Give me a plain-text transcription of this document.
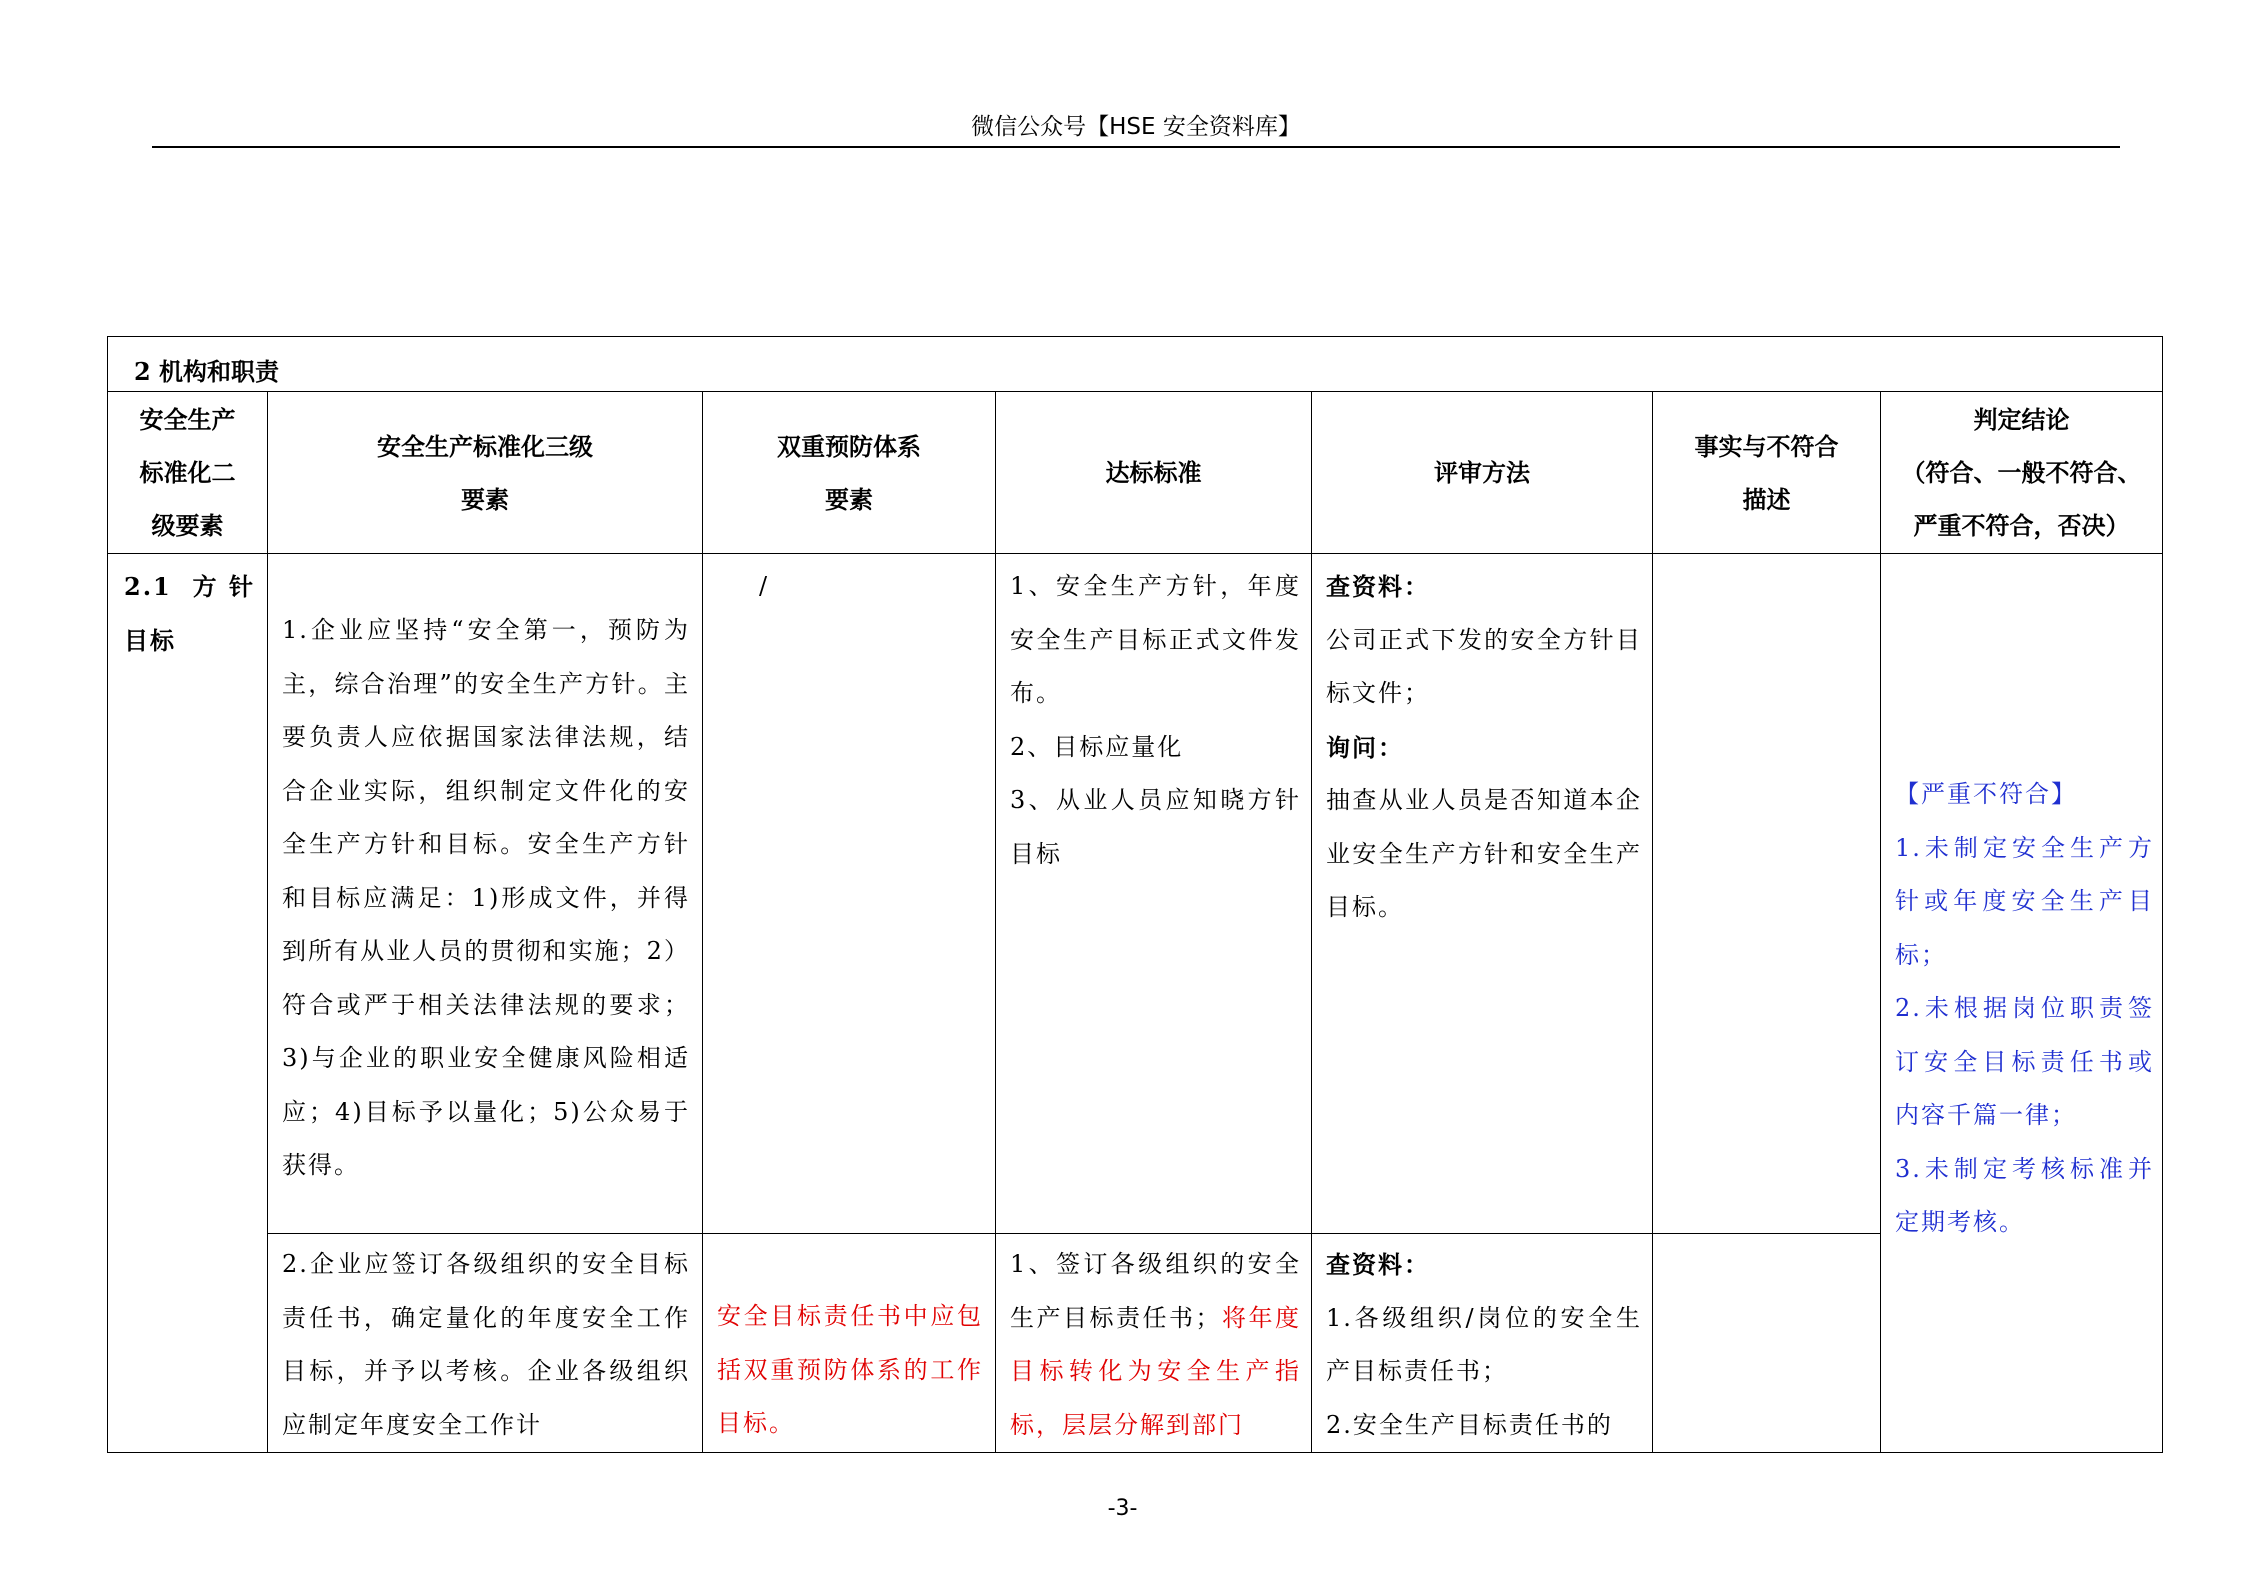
微信公众号【HSE 安全资料库】
2 机构和职责						

安全生产
标准化二
级要素	安全生产标准化三级
要素	双重预防体系
要素	达标标准	评审方法	事实与不符合
描述	判定结论
（符合、一般不符合、
严重不符合，否决）

2.1 方针目标	1.企业应坚持“安全第一，预防为主，综合治理”的安全生产方针。主要负责人应依据国家法律法规，结合企业实际，组织制定文件化的安全生产方针和目标。安全生产方针和目标应满足：1)形成文件，并得到所有从业人员的贯彻和实施；2）符合或严于相关法律法规的要求；3)与企业的职业安全健康风险相适应；4)目标予以量化；5)公众易于获得。	/	1、安全生产方针，年度安全生产目标正式文件发布。
2、目标应量化
3、从业人员应知晓方针目标	查资料：
公司正式下发的安全方针目标文件；
询问：
抽查从业人员是否知道本企业安全生产方针和安全生产目标。		【严重不符合】
1.未制定安全生产方针或年度安全生产目标；
2.未根据岗位职责签订安全目标责任书或内容千篇一律；
3.未制定考核标准并定期考核。

	2.企业应签订各级组织的安全目标责任书，确定量化的年度安全工作目标，并予以考核。企业各级组织应制定年度安全工作计	安全目标责任书中应包括双重预防体系的工作目标。	1、签订各级组织的安全生产目标责任书；将年度目标转化为安全生产指标，层层分解到部门	查资料：
1.各级组织/岗位的安全生产目标责任书；
2.安全生产目标责任书的		

-3-
